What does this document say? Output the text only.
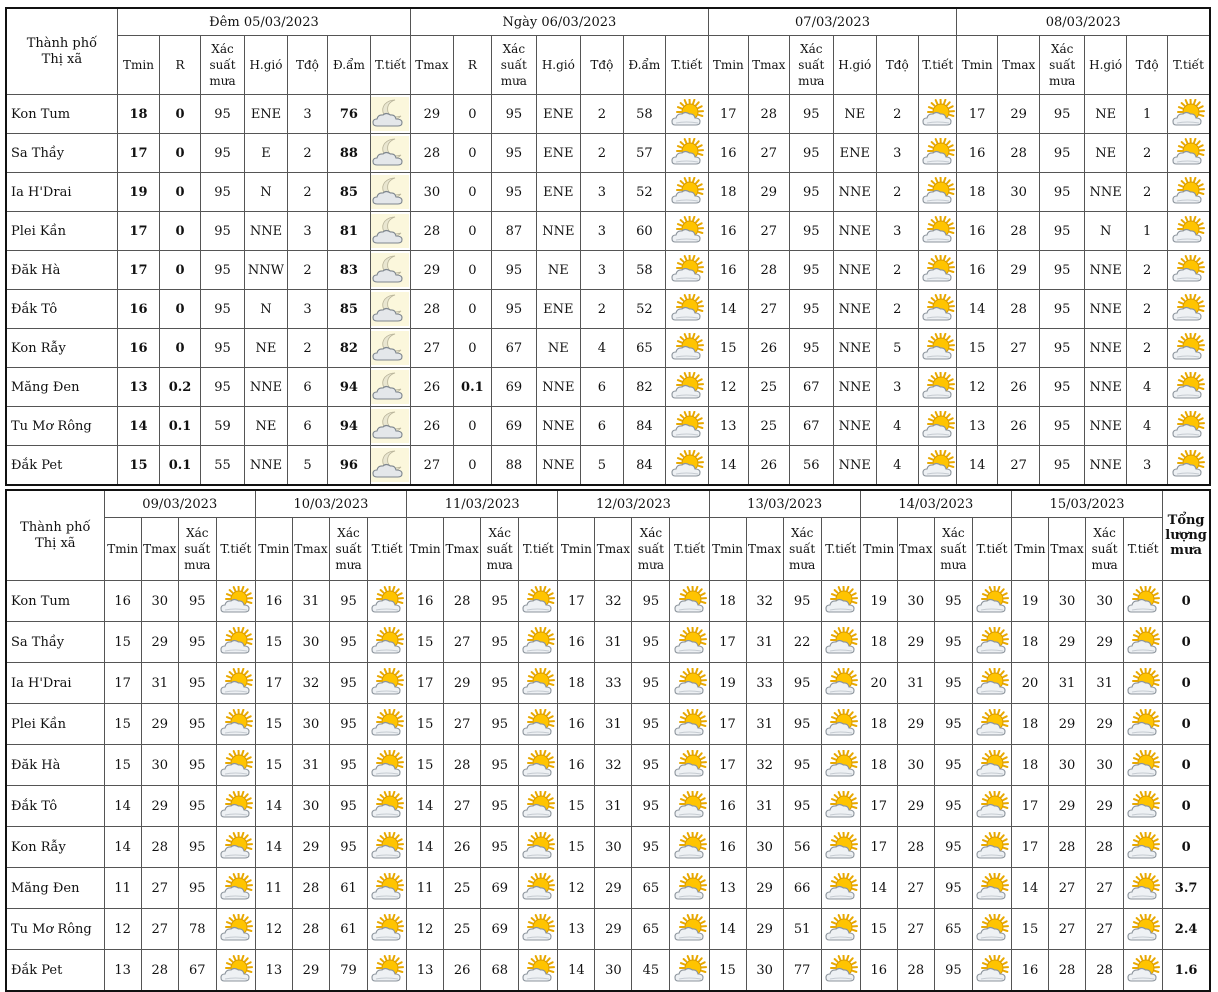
Thành phố
Thị xã	Đêm 05/03/2023							Ngày 06/03/2023							07/03/2023						08/03/2023					
	Tmin	R	Xác suất mưa	H.gió	Tđộ	Đ.ẩm	T.tiết	Tmax	R	Xác suất mưa	H.gió	Tđộ	Đ.ẩm	T.tiết	Tmin	Tmax	Xác suất mưa	H.gió	Tđộ	T.tiết	Tmin	Tmax	Xác suất mưa	H.gió	Tđộ	T.tiết
Kon Tum	18	0	95	ENE	3	76		29	0	95	ENE	2	58		17	28	95	NE	2		17	29	95	NE	1	

Sa Thầy	17	0	95	E	2	88		28	0	95	ENE	2	57		16	27	95	ENE	3		16	28	95	NE	2	

Ia H'Drai	19	0	95	N	2	85		30	0	95	ENE	3	52		18	29	95	NNE	2		18	30	95	NNE	2	

Plei Kần	17	0	95	NNE	3	81		28	0	87	NNE	3	60		16	27	95	NNE	3		16	28	95	N	1	

Đăk Hà	17	0	95	NNW	2	83		29	0	95	NE	3	58		16	28	95	NNE	2		16	29	95	NNE	2	

Đắk Tô	16	0	95	N	3	85		28	0	95	ENE	2	52		14	27	95	NNE	2		14	28	95	NNE	2	

Kon Rẫy	16	0	95	NE	2	82		27	0	67	NE	4	65		15	26	95	NNE	5		15	27	95	NNE	2	

Măng Đen	13	0.2	95	NNE	6	94		26	0.1	69	NNE	6	82		12	25	67	NNE	3		12	26	95	NNE	4	

Tu Mơ Rông	14	0.1	59	NE	6	94		26	0	69	NNE	6	84		13	25	67	NNE	4		13	26	95	NNE	4	

Đắk Pet	15	0.1	55	NNE	5	96		27	0	88	NNE	5	84		14	26	56	NNE	4		14	27	95	NNE	3	
Thành phố
Thị xã	09/03/2023				10/03/2023				11/03/2023				12/03/2023				13/03/2023				14/03/2023				15/03/2023				Tổng
lượng
mưa
	Tmin	Tmax	Xác suất mưa	T.tiết	Tmin	Tmax	Xác suất mưa	T.tiết	Tmin	Tmax	Xác suất mưa	T.tiết	Tmin	Tmax	Xác suất mưa	T.tiết	Tmin	Tmax	Xác suất mưa	T.tiết	Tmin	Tmax	Xác suất mưa	T.tiết	Tmin	Tmax	Xác suất mưa	T.tiết	
Kon Tum	16	30	95		16	31	95		16	28	95		17	32	95		18	32	95		19	30	95		19	30	30		0
Sa Thầy	15	29	95		15	30	95		15	27	95		16	31	95		17	31	22		18	29	95		18	29	29		0
Ia H'Drai	17	31	95		17	32	95		17	29	95		18	33	95		19	33	95		20	31	95		20	31	31		0
Plei Kần	15	29	95		15	30	95		15	27	95		16	31	95		17	31	95		18	29	95		18	29	29		0
Đăk Hà	15	30	95		15	31	95		15	28	95		16	32	95		17	32	95		18	30	95		18	30	30		0
Đắk Tô	14	29	95		14	30	95		14	27	95		15	31	95		16	31	95		17	29	95		17	29	29		0
Kon Rẫy	14	28	95		14	29	95		14	26	95		15	30	95		16	30	56		17	28	95		17	28	28		0
Măng Đen	11	27	95		11	28	61		11	25	69		12	29	65		13	29	66		14	27	95		14	27	27		3.7
Tu Mơ Rông	12	27	78		12	28	61		12	25	69		13	29	65		14	29	51		15	27	65		15	27	27		2.4
Đắk Pet	13	28	67		13	29	79		13	26	68		14	30	45		15	30	77		16	28	95		16	28	28		1.6
